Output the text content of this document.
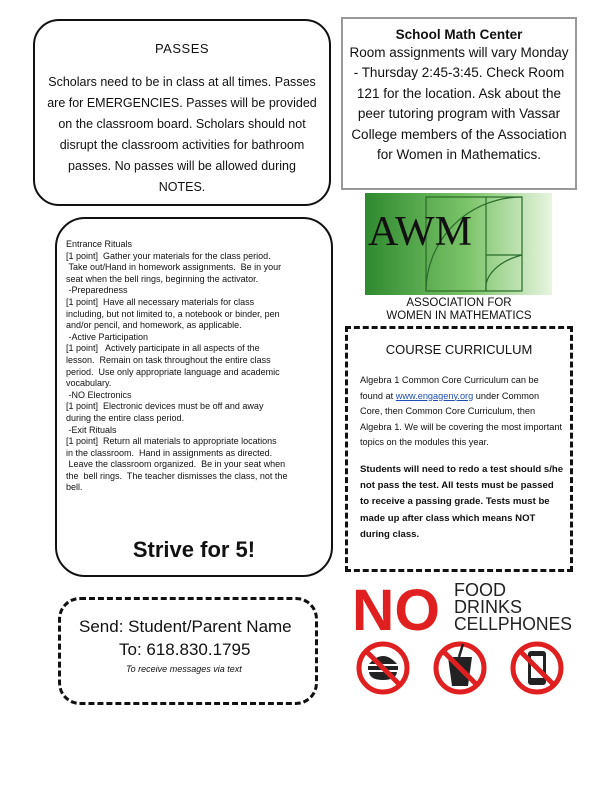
PASSES
Scholars need to be in class at all times. Passes are for EMERGENCIES. Passes will be provided on the classroom board. Scholars should not disrupt the classroom activities for bathroom passes. No passes will be allowed during NOTES.
School Math Center
Room assignments will vary Monday - Thursday 2:45-3:45. Check Room 121 for the location. Ask about the peer tutoring program with Vassar College members of the Association for Women in Mathematics.
Entrance Rituals
[1 point]  Gather your materials for the class period.
Take out/Hand in homework assignments.  Be in your
seat when the bell rings, beginning the activator.
-Preparedness
[1 point]  Have all necessary materials for class
including, but not limited to, a notebook or binder, pen
and/or pencil, and homework, as applicable.
-Active Participation
[1 point]   Actively participate in all aspects of the
lesson.  Remain on task throughout the entire class
period.  Use only appropriate language and academic
vocabulary.
-NO Electronics
[1 point]  Electronic devices must be off and away
during the entire class period.
-Exit Rituals
[1 point]  Return all materials to appropriate locations
in the classroom.  Hand in assignments as directed.
Leave the classroom organized.  Be in your seat when
the  bell rings.  The teacher dismisses the class, not the
bell.
Strive for 5!
Send: Student/Parent Name
To: 618.830.1795
To receive messages via text
AWM
ASSOCIATION FOR
WOMEN IN MATHEMATICS
COURSE CURRICULUM
Algebra 1 Common Core Curriculum can be found at www.engageny.org under Common Core, then Common Core Curriculum, then Algebra 1. We will be covering the most important topics on the modules this year.
Students will need to redo a test should s/he not pass the test. All tests must be passed to receive a passing grade. Tests must be made up after class which means NOT during class.
NO FOOD
DRINKS
CELLPHONES
